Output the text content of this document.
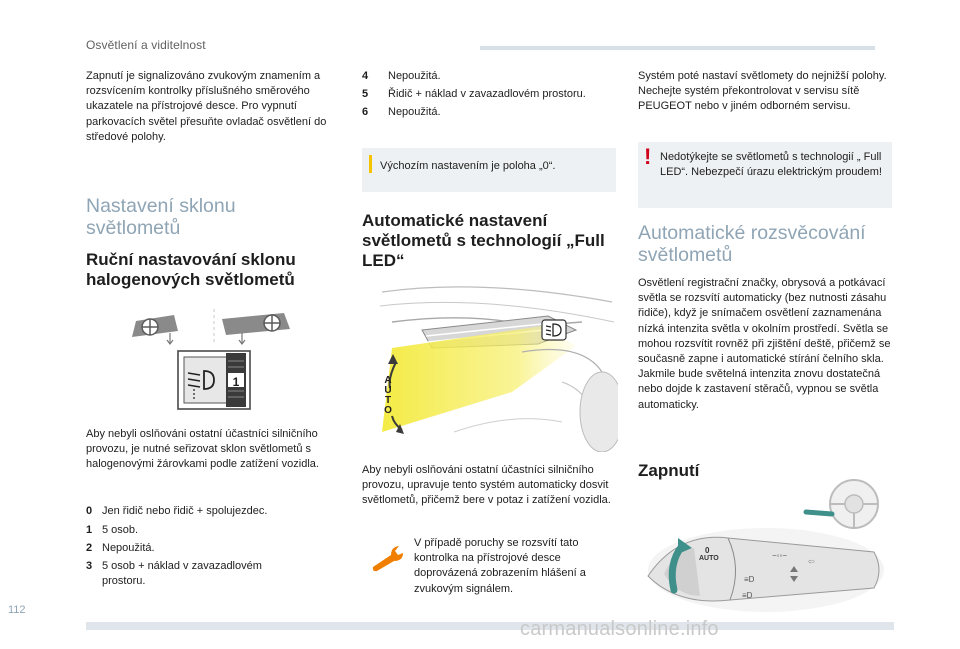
Osvětlení a viditelnost
Zapnutí je signalizováno zvukovým znamením a rozsvícením kontrolky příslušného směrového ukazatele na přístrojové desce. Pro vypnutí parkovacích světel přesuňte ovladač osvětlení do středové polohy.
Nastavení sklonu světlometů
Ruční nastavování sklonu halogenových světlometů
1
Aby nebyli oslňováni ostatní účastníci silničního provozu, je nutné seřizovat sklon světlometů s halogenovými žárovkami podle zatížení vozidla.
0 Jen řidič nebo řidič + spolujezdec.
1 5 osob.
2 Nepoužitá.
3 5 osob + náklad v zavazadlovém prostoru.
4	Nepoužitá.
5	Řidič + náklad v zavazadlovém prostoru.
6	Nepoužitá.
Výchozím nastavením je poloha „0“.
Automatické nastavení světlometů s technologií „Full LED“
AUTO
Aby nebyli oslňováni ostatní účastníci silničního provozu, upravuje tento systém automaticky dosvit světlometů, přičemž bere v potaz i zatížení vozidla.
V případě poruchy se rozsvítí tato kontrolka na přístrojové desce doprovázená zobrazením hlášení a zvukovým signálem.
Systém poté nastaví světlomety do nejnižší polohy. Nechejte systém překontrolovat v servisu sítě PEUGEOT nebo v jiném odborném servisu.
! Nedotýkejte se světlometů s technologií „ Full LED“. Nebezpečí úrazu elektrickým proudem!
Automatické rozsvěcování světlometů
Osvětlení registrační značky, obrysová a potkávací světla se rozsvítí automaticky (bez nutnosti zásahu řidiče), když je snímačem osvětlení zaznamenána nízká intenzita světla v okolním prostředí. Světla se mohou rozsvítit rovněž při zjištění deště, přičemž se současně zapne i automatické stírání čelního skla. Jakmile bude světelná intenzita znovu dostatečná nebo dojde k zastavení stěračů, vypnou se světla automaticky.
Zapnutí
≡D
−◦◦−
≡D
⇦
0
AUTO
112
carmanualsonline.info
